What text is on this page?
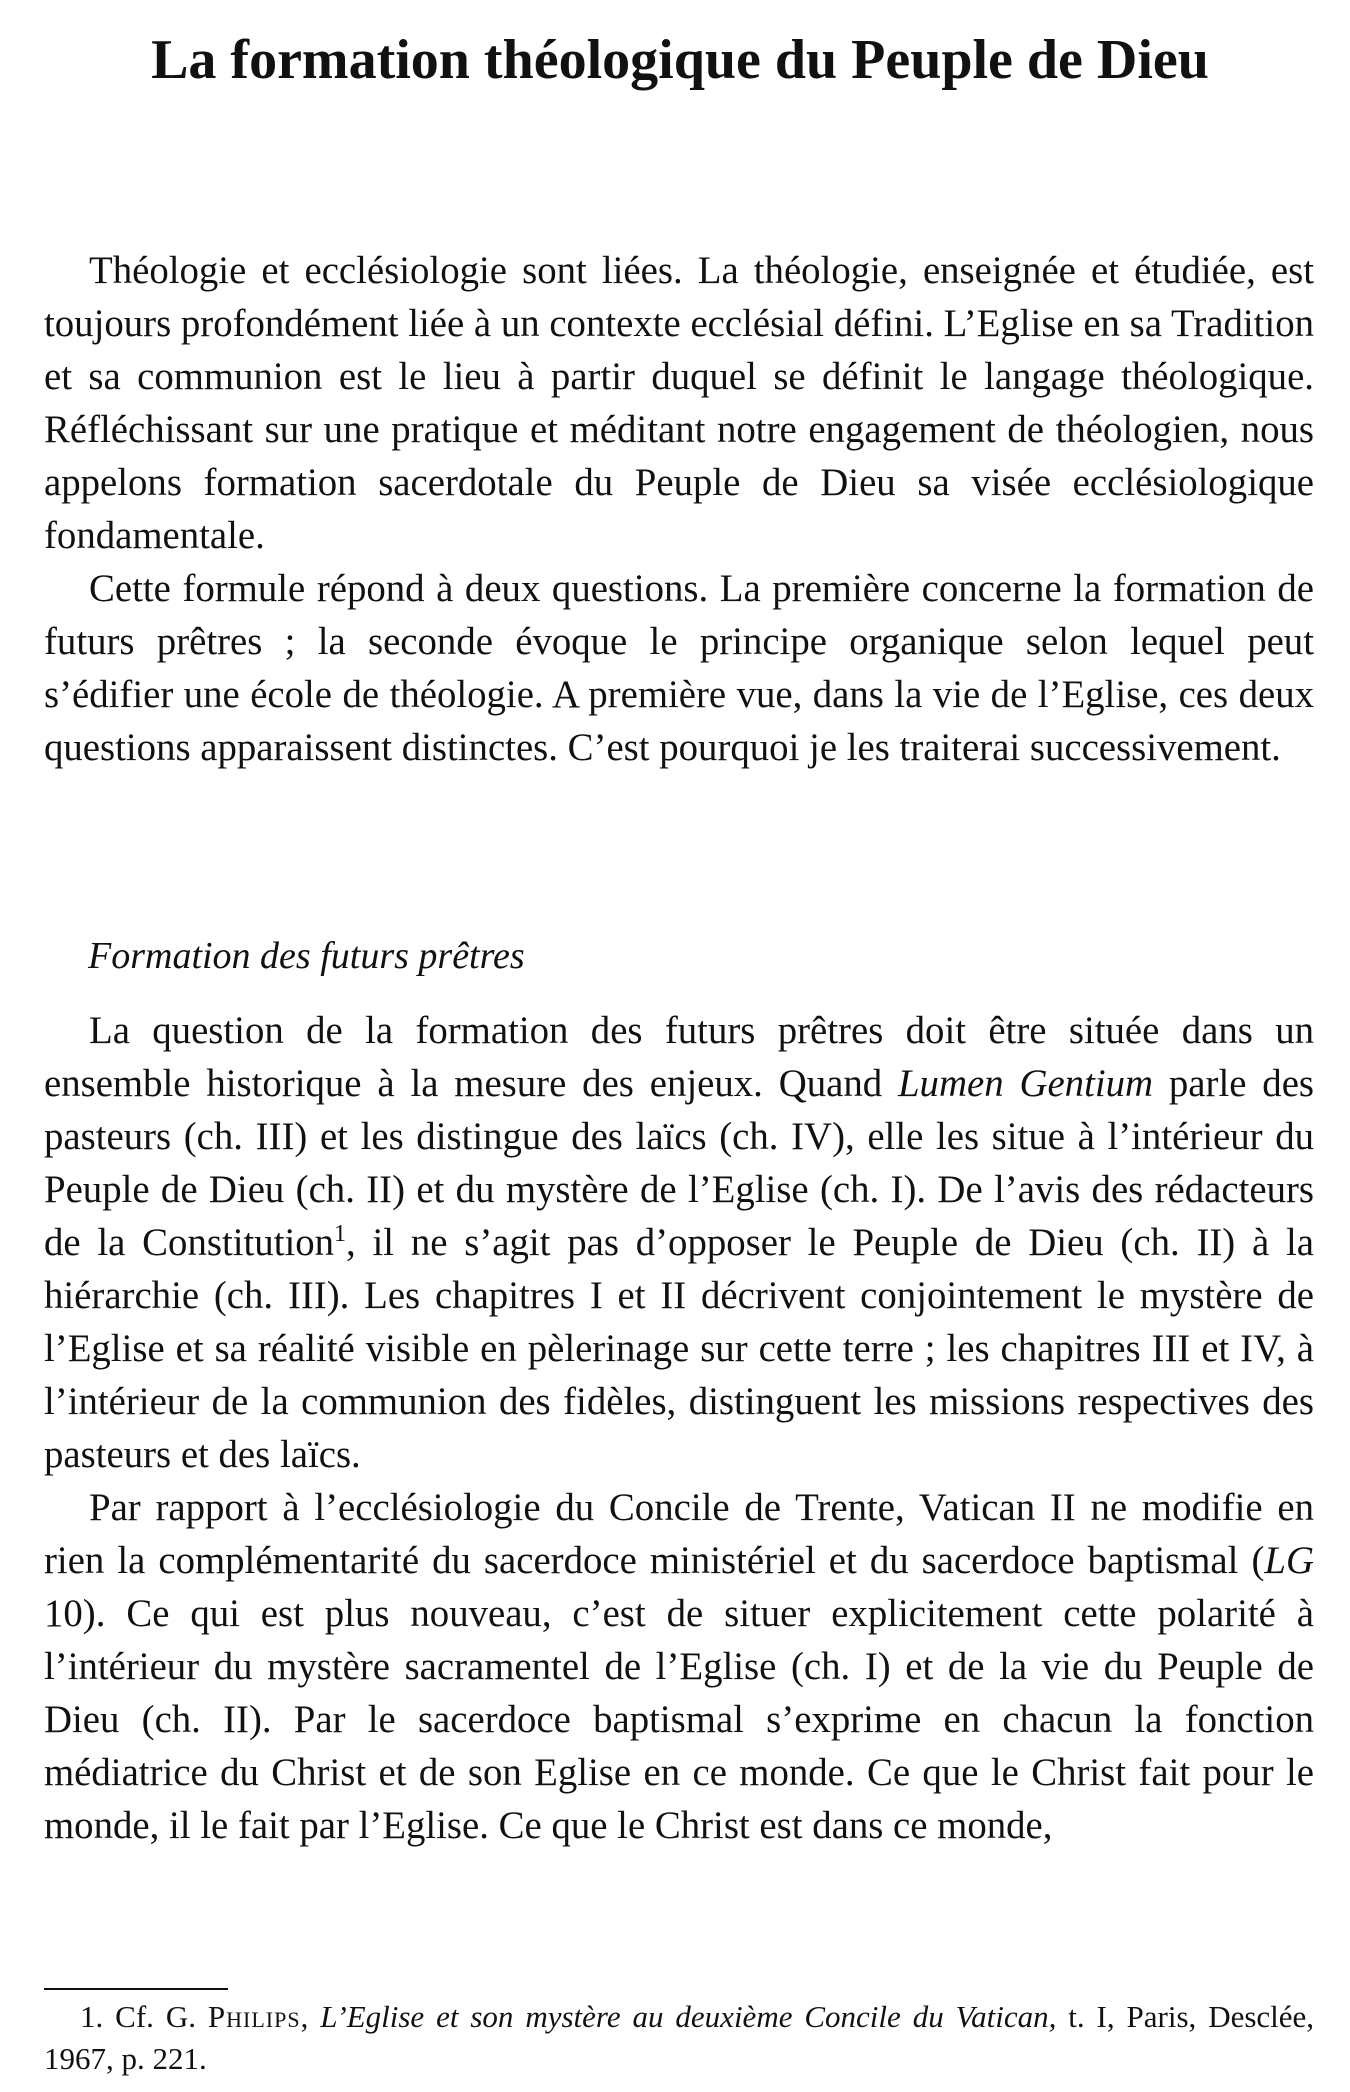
La formation théologique du Peuple de Dieu

Théologie et ecclésiologie sont liées. La théologie, enseignée et étudiée, est toujours profondément liée à un contexte ecclésial défini. L’Eglise en sa Tradition et sa communion est le lieu à partir duquel se définit le langage théologique. Réfléchissant sur une pratique et méditant notre engagement de théologien, nous appelons formation sacerdotale du Peuple de Dieu sa visée ecclésiologique fondamentale.

Cette formule répond à deux questions. La première concerne la formation de futurs prêtres ; la seconde évoque le principe organique selon lequel peut s’édifier une école de théologie. A première vue, dans la vie de l’Eglise, ces deux questions apparaissent distinctes. C’est pourquoi je les traiterai successivement.

Formation des futurs prêtres

La question de la formation des futurs prêtres doit être située dans un ensemble historique à la mesure des enjeux. Quand Lumen Gentium parle des pasteurs (ch. III) et les distingue des laïcs (ch. IV), elle les situe à l’intérieur du Peuple de Dieu (ch. II) et du mystère de l’Eglise (ch. I). De l’avis des rédacteurs de la Constitution$^1$, il ne s’agit pas d’opposer le Peuple de Dieu (ch. II) à la hiérarchie (ch. III). Les chapitres I et II décrivent conjointement le mystère de l’Eglise et sa réalité visible en pèlerinage sur cette terre ; les chapitres III et IV, à l’intérieur de la communion des fidèles, distinguent les missions respectives des pasteurs et des laïcs.

Par rapport à l’ecclésiologie du Concile de Trente, Vatican II ne modifie en rien la complémentarité du sacerdoce ministériel et du sacerdoce baptismal (LG 10). Ce qui est plus nouveau, c’est de situer explicitement cette polarité à l’intérieur du mystère sacramentel de l’Eglise (ch. I) et de la vie du Peuple de Dieu (ch. II). Par le sacerdoce baptismal s’exprime en chacun la fonction médiatrice du Christ et de son Eglise en ce monde. Ce que le Christ fait pour le monde, il le fait par l’Eglise. Ce que le Christ est dans ce monde,

1. Cf. G. Philips, L’Eglise et son mystère au deuxième Concile du Vatican, t. I, Paris, Desclée, 1967, p. 221.
